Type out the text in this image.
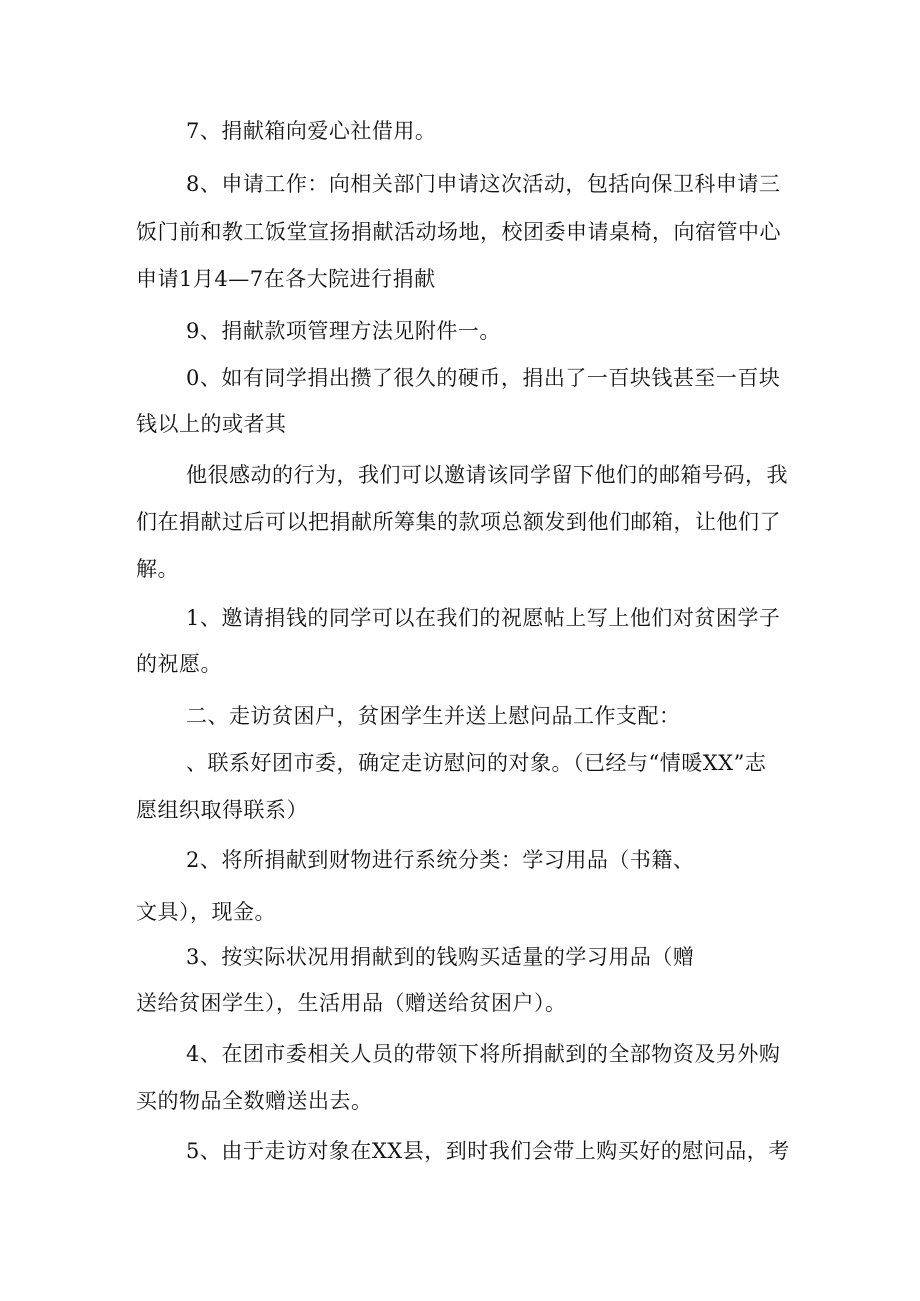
7、捐献箱向爱心社借用。
8、申请工作：向相关部门申请这次活动，包括向保卫科申请三
饭门前和教工饭堂宣扬捐献活动场地，校团委申请桌椅，向宿管中心
申请1月4—7在各大院进行捐献
9、捐献款项管理方法见附件一。
0、如有同学捐出攒了很久的硬币，捐出了一百块钱甚至一百块
钱以上的或者其
他很感动的行为，我们可以邀请该同学留下他们的邮箱号码，我
们在捐献过后可以把捐献所筹集的款项总额发到他们邮箱，让他们了
解。
1、邀请捐钱的同学可以在我们的祝愿帖上写上他们对贫困学子
的祝愿。
二、走访贫困户，贫困学生并送上慰问品工作支配：
、联系好团市委，确定走访慰问的对象。（已经与“情暖XX”志
愿组织取得联系）
2、将所捐献到财物进行系统分类：学习用品（书籍、
文具），现金。
3、按实际状况用捐献到的钱购买适量的学习用品（赠
送给贫困学生），生活用品（赠送给贫困户）。
4、在团市委相关人员的带领下将所捐献到的全部物资及另外购
买的物品全数赠送出去。
5、由于走访对象在XX县，到时我们会带上购买好的慰问品，考
